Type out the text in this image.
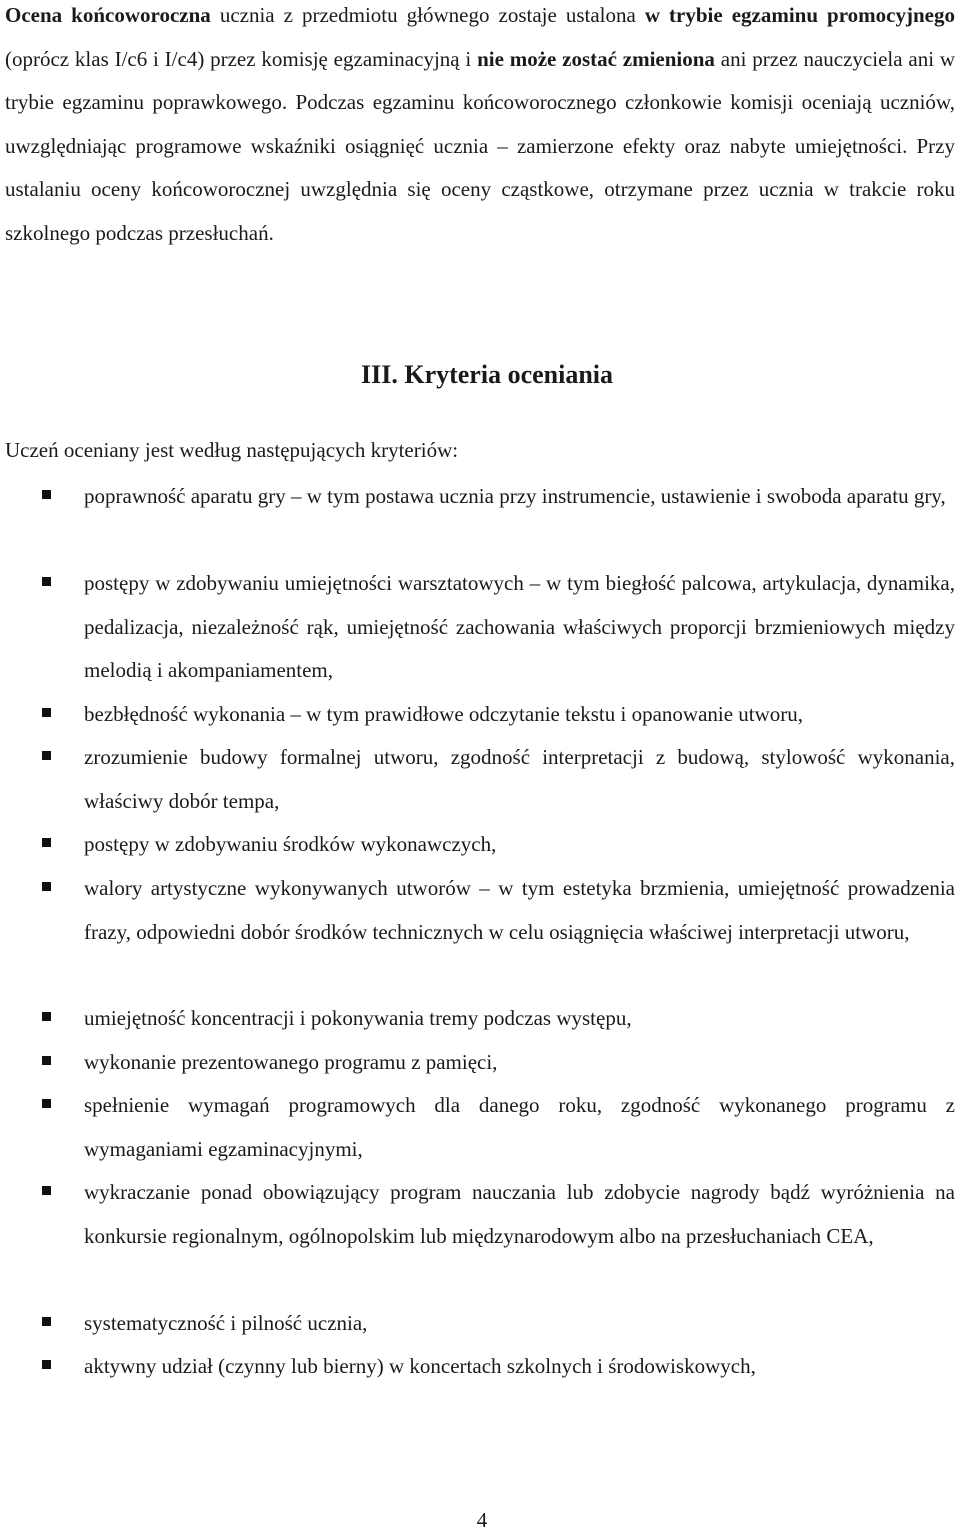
Ocena końcoworoczna ucznia z przedmiotu głównego zostaje ustalona w trybie egzaminu promocyjnego (oprócz klas I/c6 i I/c4) przez komisję egzaminacyjną i nie może zostać zmieniona ani przez nauczyciela ani w trybie egzaminu poprawkowego. Podczas egzaminu końcoworocznego członkowie komisji oceniają uczniów, uwzględniając programowe wskaźniki osiągnięć ucznia – zamierzone efekty oraz nabyte umiejętności. Przy ustalaniu oceny końcoworocznej uwzględnia się oceny cząstkowe, otrzymane przez ucznia w trakcie roku szkolnego podczas przesłuchań.

III. Kryteria oceniania

Uczeń oceniany jest według następujących kryteriów:

poprawność aparatu gry – w tym postawa ucznia przy instrumencie, ustawienie i swoboda aparatu gry,

postępy w zdobywaniu umiejętności warsztatowych – w tym biegłość palcowa, artykulacja, dynamika, pedalizacja, niezależność rąk, umiejętność zachowania właściwych proporcji brzmieniowych między melodią i akompaniamentem,

bezbłędność wykonania – w tym prawidłowe odczytanie tekstu i opanowanie utworu,

zrozumienie budowy formalnej utworu, zgodność interpretacji z budową, stylowość wykonania, właściwy dobór tempa,

postępy w zdobywaniu środków wykonawczych,

walory artystyczne wykonywanych utworów – w tym estetyka brzmienia, umiejętność prowadzenia frazy, odpowiedni dobór środków technicznych w celu osiągnięcia właściwej interpretacji utworu,

umiejętność koncentracji i pokonywania tremy podczas występu,

wykonanie prezentowanego programu z pamięci,

spełnienie wymagań programowych dla danego roku, zgodność wykonanego programu z wymaganiami egzaminacyjnymi,

wykraczanie ponad obowiązujący program nauczania lub zdobycie nagrody bądź wyróżnienia na konkursie regionalnym, ogólnopolskim lub międzynarodowym albo na przesłuchaniach CEA,

systematyczność i pilność ucznia,

aktywny udział (czynny lub bierny) w koncertach szkolnych i środowiskowych,

4
